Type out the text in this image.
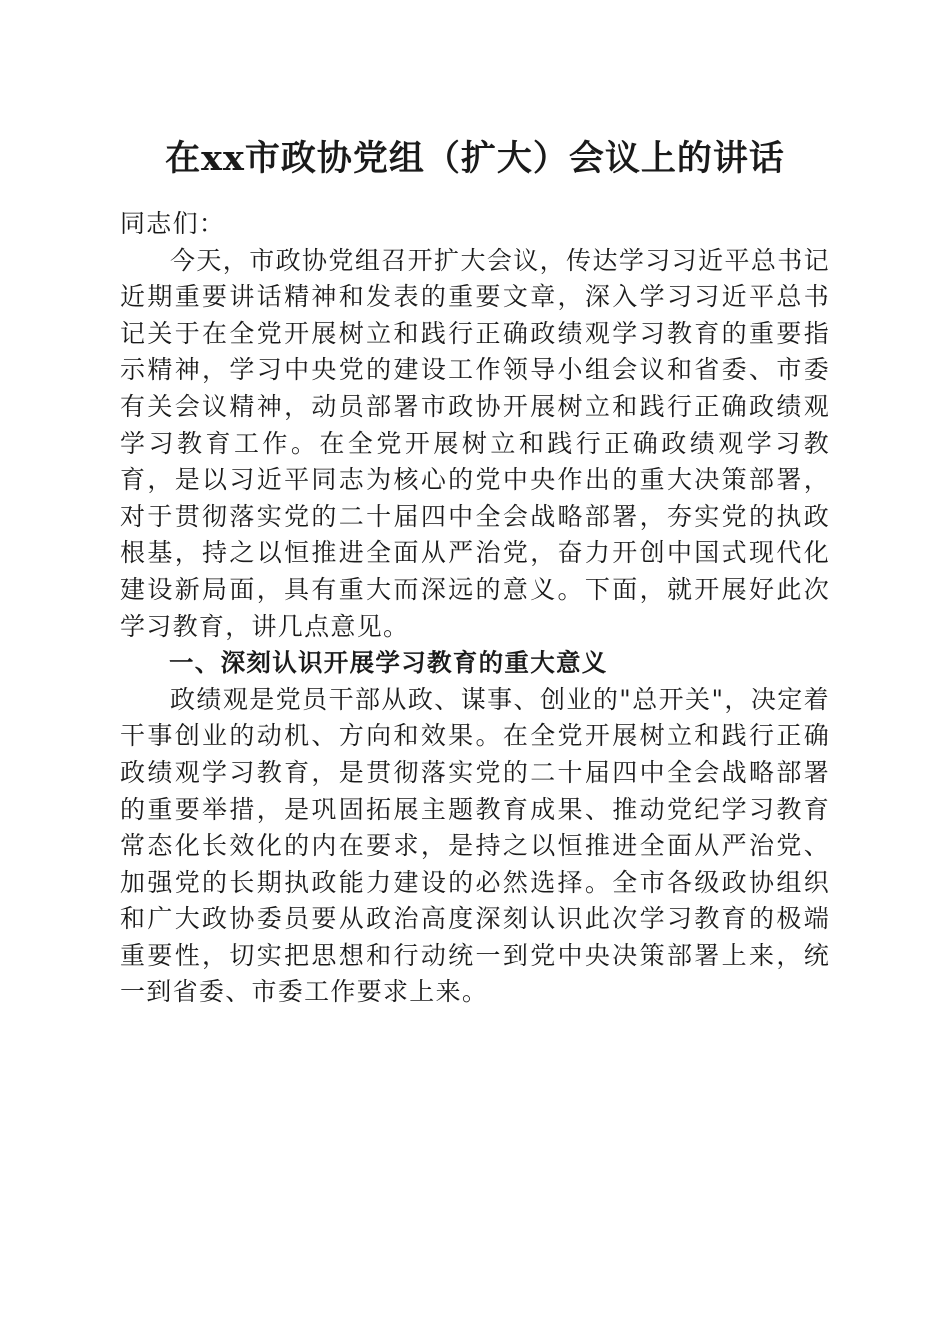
在xx市政协党组（扩大）会议上的讲话

同志们：

今天，市政协党组召开扩大会议，传达学习习近平总书记近期重要讲话精神和发表的重要文章，深入学习习近平总书记关于在全党开展树立和践行正确政绩观学习教育的重要指示精神，学习中央党的建设工作领导小组会议和省委、市委有关会议精神，动员部署市政协开展树立和践行正确政绩观学习教育工作。在全党开展树立和践行正确政绩观学习教育，是以习近平同志为核心的党中央作出的重大决策部署，对于贯彻落实党的二十届四中全会战略部署，夯实党的执政根基，持之以恒推进全面从严治党，奋力开创中国式现代化建设新局面，具有重大而深远的意义。下面，就开展好此次学习教育，讲几点意见。

一、深刻认识开展学习教育的重大意义

政绩观是党员干部从政、谋事、创业的"总开关"，决定着干事创业的动机、方向和效果。在全党开展树立和践行正确政绩观学习教育，是贯彻落实党的二十届四中全会战略部署的重要举措，是巩固拓展主题教育成果、推动党纪学习教育常态化长效化的内在要求，是持之以恒推进全面从严治党、加强党的长期执政能力建设的必然选择。全市各级政协组织和广大政协委员要从政治高度深刻认识此次学习教育的极端重要性，切实把思想和行动统一到党中央决策部署上来，统一到省委、市委工作要求上来。
